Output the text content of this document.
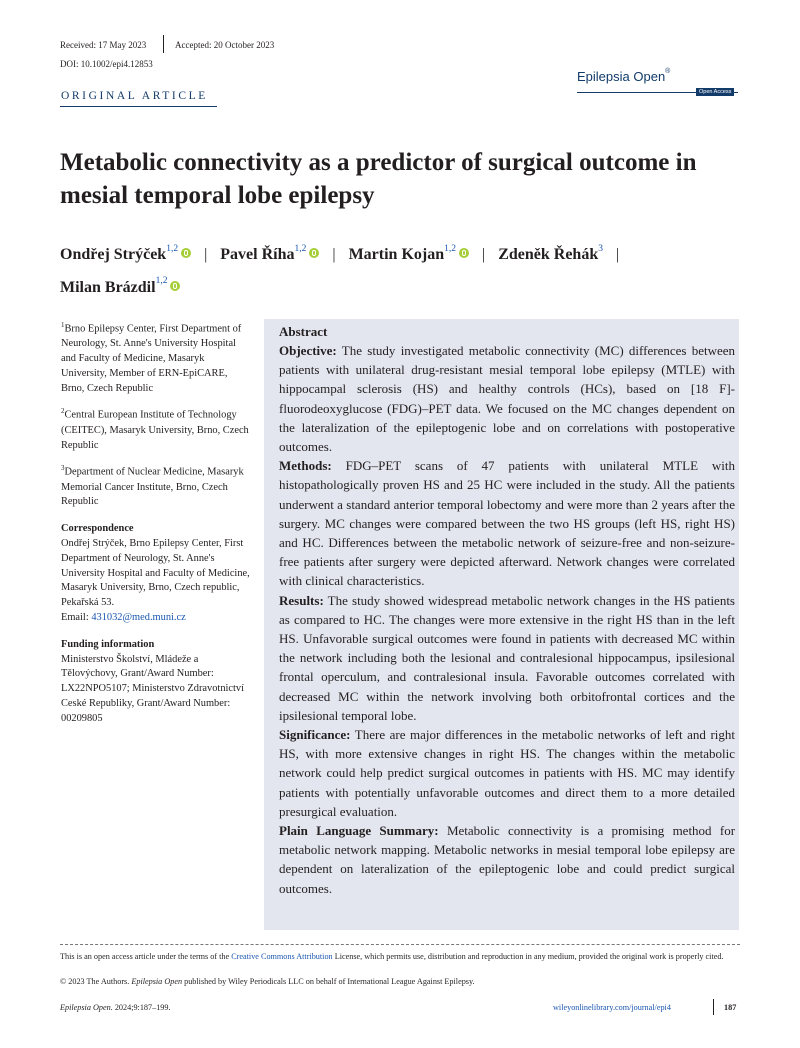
Received: 17 May 2023	Accepted: 20 October 2023
DOI: 10.1002/epi4.12853
Epilepsia Open®
Open Access
ORIGINAL ARTICLE
Metabolic connectivity as a predictor of surgical outcome in mesial temporal lobe epilepsy
Ondřej Strýček$^{1,2}$ | Pavel Říha$^{1,2}$ | Martin Kojan$^{1,2}$ | Zdeněk Řehák$^3$ |
Milan Brázdil$^{1,2}$

$^1$Brno Epilepsy Center, First Department of Neurology, St. Anne's University Hospital and Faculty of Medicine, Masaryk University, Member of ERN-EpiCARE, Brno, Czech Republic

$^2$Central European Institute of Technology (CEITEC), Masaryk University, Brno, Czech Republic

$^3$Department of Nuclear Medicine, Masaryk Memorial Cancer Institute, Brno, Czech Republic

Correspondence
Ondřej Strýček, Brno Epilepsy Center, First Department of Neurology, St. Anne's University Hospital and Faculty of Medicine, Masaryk University, Brno, Czech republic, Pekařská 53.
Email: 431032@med.muni.cz
Funding information
Ministerstvo Školství, Mládeže a Tělovýchovy, Grant/Award Number: LX22NPO5107; Ministerstvo Zdravotnictví Ceské Republiky, Grant/Award Number: 00209805
Abstract

Objective: The study investigated metabolic connectivity (MC) differences between patients with unilateral drug-resistant mesial temporal lobe epilepsy (MTLE) with hippocampal sclerosis (HS) and healthy controls (HCs), based on [18 F]-fluorodeoxyglucose (FDG)–PET data. We focused on the MC changes dependent on the lateralization of the epileptogenic lobe and on correlations with postoperative outcomes.

Methods: FDG–PET scans of 47 patients with unilateral MTLE with histopathologically proven HS and 25 HC were included in the study. All the patients underwent a standard anterior temporal lobectomy and were more than 2 years after the surgery. MC changes were compared between the two HS groups (left HS, right HS) and HC. Differences between the metabolic network of seizure-free and non-seizure-free patients after surgery were depicted afterward. Network changes were correlated with clinical characteristics.

Results: The study showed widespread metabolic network changes in the HS patients as compared to HC. The changes were more extensive in the right HS than in the left HS. Unfavorable surgical outcomes were found in patients with decreased MC within the network including both the lesional and contralesional hippocampus, ipsilesional frontal operculum, and contralesional insula. Favorable outcomes correlated with decreased MC within the network involving both orbitofrontal cortices and the ipsilesional temporal lobe.

Significance: There are major differences in the metabolic networks of left and right HS, with more extensive changes in right HS. The changes within the metabolic network could help predict surgical outcomes in patients with HS. MC may identify patients with potentially unfavorable outcomes and direct them to a more detailed presurgical evaluation.

Plain Language Summary: Metabolic connectivity is a promising method for metabolic network mapping. Metabolic networks in mesial temporal lobe epilepsy are dependent on lateralization of the epileptogenic lobe and could predict surgical outcomes.

This is an open access article under the terms of the Creative Commons Attribution License, which permits use, distribution and reproduction in any medium, provided the original work is properly cited.
© 2023 The Authors. Epilepsia Open published by Wiley Periodicals LLC on behalf of International League Against Epilepsy.
Epilepsia Open. 2024;9:187–199.	wileyonlinelibrary.com/journal/epi4	187
